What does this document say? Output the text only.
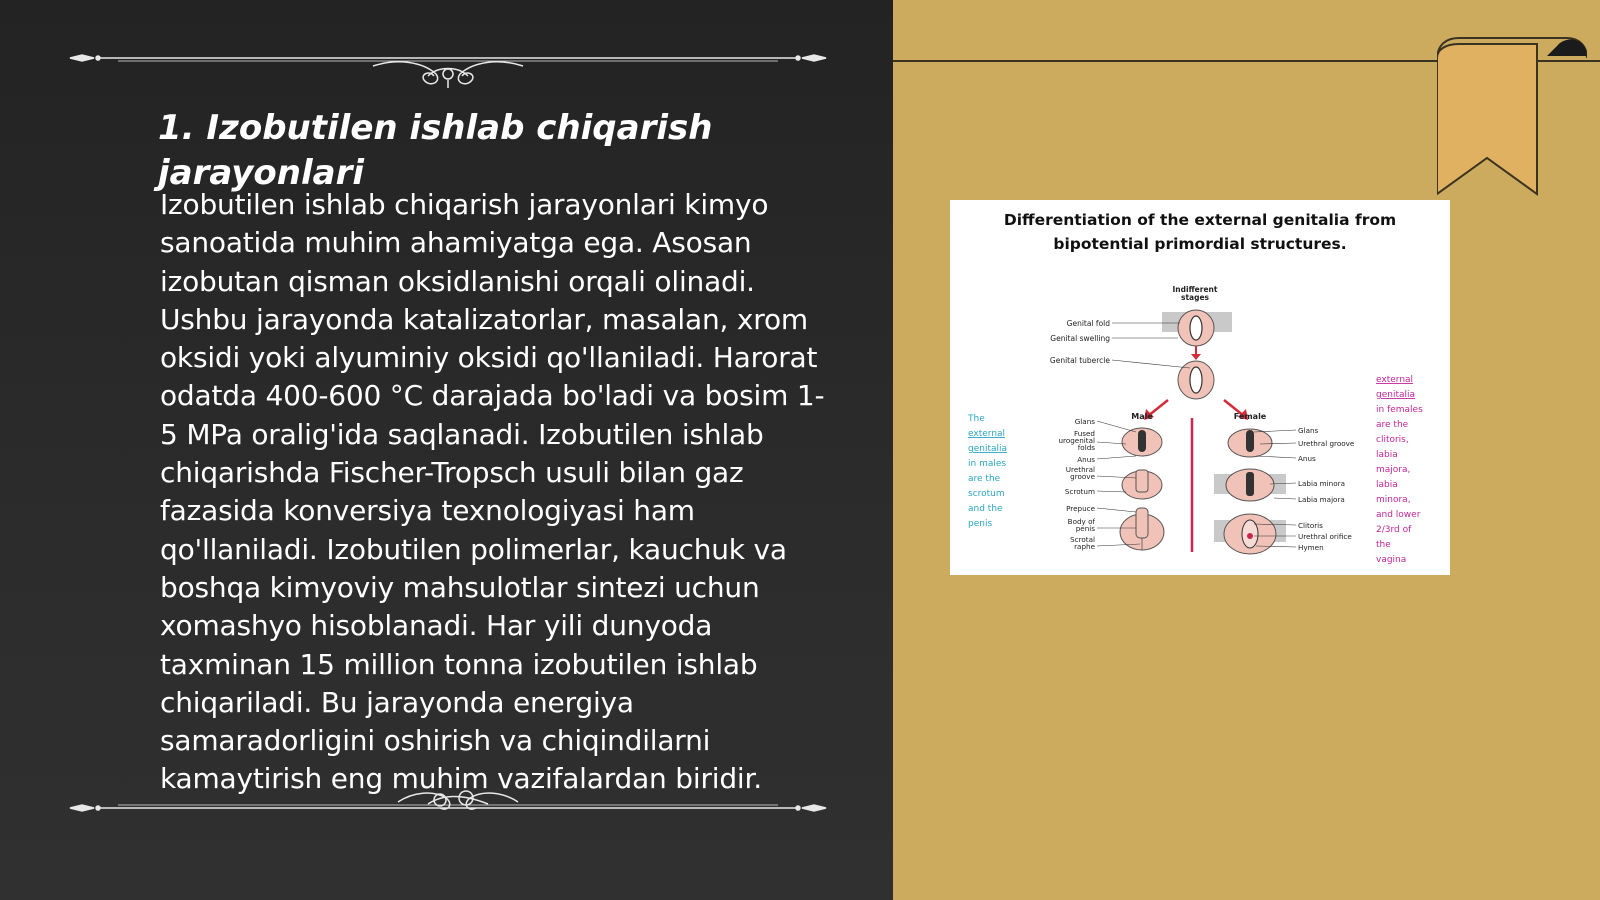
1. Izobutilen ishlab chiqarish jarayonlari

Izobutilen ishlab chiqarish jarayonlari kimyo sanoatida muhim ahamiyatga ega. Asosan izobutan qisman oksidlanishi orqali olinadi. Ushbu jarayonda katalizatorlar, masalan, xrom oksidi yoki alyuminiy oksidi qo'llaniladi. Harorat odatda 400-600 °C darajada bo'ladi va bosim 1-5 MPa oralig'ida saqlanadi. Izobutilen ishlab chiqarishda Fischer-Tropsch usuli bilan gaz fazasida konversiya texnologiyasi ham qo'llaniladi. Izobutilen polimerlar, kauchuk va boshqa kimyoviy mahsulotlar sintezi uchun xomashyo hisoblanadi. Har yili dunyoda taxminan 15 million tonna izobutilen ishlab chiqariladi. Bu jarayonda energiya samaradorligini oshirish va chiqindilarni kamaytirish eng muhim vazifalardan biridir.

Differentiation of the external genitalia from
bipotential primordial structures.
Indifferent
stages
Genital fold
Genital swelling
Genital tubercle
Male	Female
Glans
Fused
urogenital
folds
Anus
Urethral
groove
Scrotum
Prepuce
Body of
penis
Scrotal
raphe
Glans
Urethral groove
Anus
Labia minora
Labia majora
Clitoris
Urethral orifice
Hymen
The
external
genitalia
in males
are the
scrotum
and the
penis
external
genitalia
in females
are the
clitoris,
labia
majora,
labia
minora,
and lower
2/3rd of
the
vagina
